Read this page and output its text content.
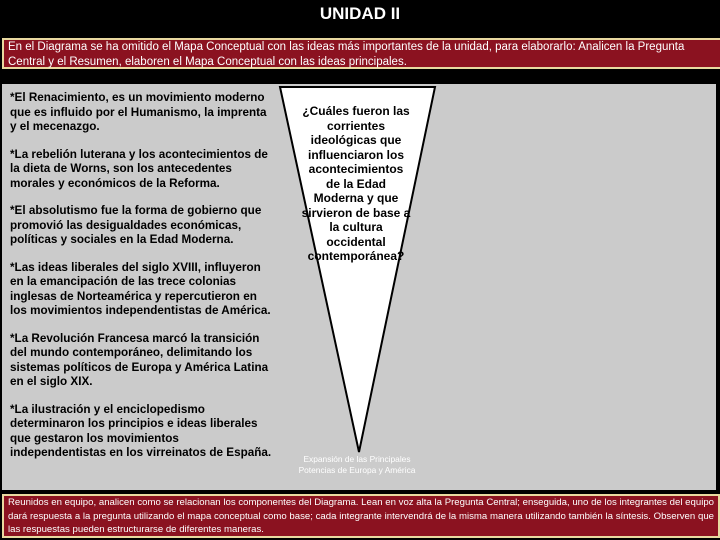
UNIDAD II
En el Diagrama se ha omitido el Mapa Conceptual con las ideas más importantes de la unidad, para elaborarlo: Analicen la Pregunta Central y el Resumen, elaboren el Mapa Conceptual con las ideas principales.
*El Renacimiento, es un movimiento moderno que es influido por el Humanismo, la imprenta y el mecenazgo.
*La rebelión luterana y los acontecimientos de la dieta de Worns, son los antecedentes morales y económicos de la Reforma.
*El absolutismo fue la forma de gobierno que promovió las desigualdades económicas, políticas y sociales en la Edad Moderna.
*Las ideas liberales del siglo XVIII, influyeron en la emancipación de las trece colonias inglesas de Norteamérica y repercutieron en los movimientos independentistas de América.
*La Revolución Francesa marcó la transición del mundo contemporáneo, delimitando los sistemas políticos de Europa y América Latina en el siglo XIX.
*La ilustración y el enciclopedismo determinaron los principios e ideas liberales que gestaron los movimientos independentistas en los virreinatos de España.
¿Cuáles fueron las corrientes ideológicas que influenciaron los acontecimientos de la Edad Moderna y que sirvieron de base a la cultura occidental contemporánea?
Expansión de las Principales Potencias de Europa y América
Reunidos en equipo, analicen como se relacionan los componentes del Diagrama. Lean en voz alta la Pregunta Central; enseguida, uno de los integrantes del equipo dará respuesta a la pregunta utilizando el mapa conceptual como base; cada integrante intervendrá de la misma manera utilizando también la síntesis. Observen que las respuestas pueden estructurarse de diferentes maneras.
